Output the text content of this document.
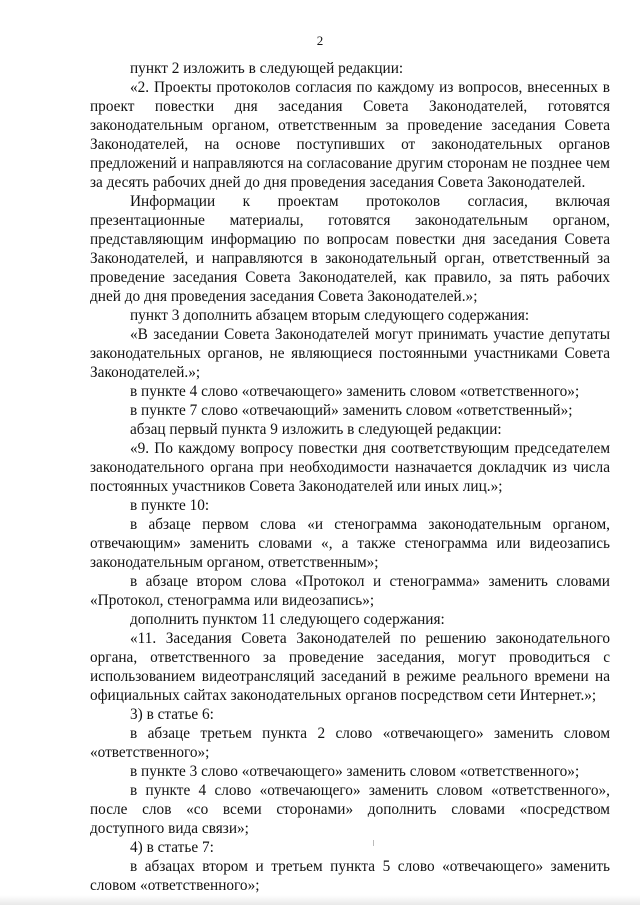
2

пункт 2 изложить в следующей редакции:

«2. Проекты протоколов согласия по каждому из вопросов, внесенных в проект повестки дня заседания Совета Законодателей, готовятся законодательным органом, ответственным за проведение заседания Совета Законодателей, на основе поступивших от законодательных органов предложений и направляются на согласование другим сторонам не позднее чем за десять рабочих дней до дня проведения заседания Совета Законодателей.

Информации к проектам протоколов согласия, включая презентационные материалы, готовятся законодательным органом, представляющим информацию по вопросам повестки дня заседания Совета Законодателей, и направляются в законодательный орган, ответственный за проведение заседания Совета Законодателей, как правило, за пять рабочих дней до дня проведения заседания Совета Законодателей.»;

пункт 3 дополнить абзацем вторым следующего содержания:

«В заседании Совета Законодателей могут принимать участие депутаты законодательных органов, не являющиеся постоянными участниками Совета Законодателей.»;

в пункте 4 слово «отвечающего» заменить словом «ответственного»;

в пункте 7 слово «отвечающий» заменить словом «ответственный»;

абзац первый пункта 9 изложить в следующей редакции:

«9. По каждому вопросу повестки дня соответствующим председателем законодательного органа при необходимости назначается докладчик из числа постоянных участников Совета Законодателей или иных лиц.»;

в пункте 10:

в абзаце первом слова «и стенограмма законодательным органом, отвечающим» заменить словами «, а также стенограмма или видеозапись законодательным органом, ответственным»;

в абзаце втором слова «Протокол и стенограмма» заменить словами «Протокол, стенограмма или видеозапись»;

дополнить пунктом 11 следующего содержания:

«11. Заседания Совета Законодателей по решению законодательного органа, ответственного за проведение заседания, могут проводиться с использованием видеотрансляций заседаний в режиме реального времени на официальных сайтах законодательных органов посредством сети Интернет.»;

3) в статье 6:

в абзаце третьем пункта 2 слово «отвечающего» заменить словом «ответственного»;

в пункте 3 слово «отвечающего» заменить словом «ответственного»;

в пункте 4 слово «отвечающего» заменить словом «ответственного», после слов «со всеми сторонами» дополнить словами «посредством доступного вида связи»;

4) в статье 7:

в абзацах втором и третьем пункта 5 слово «отвечающего» заменить словом «ответственного»;
